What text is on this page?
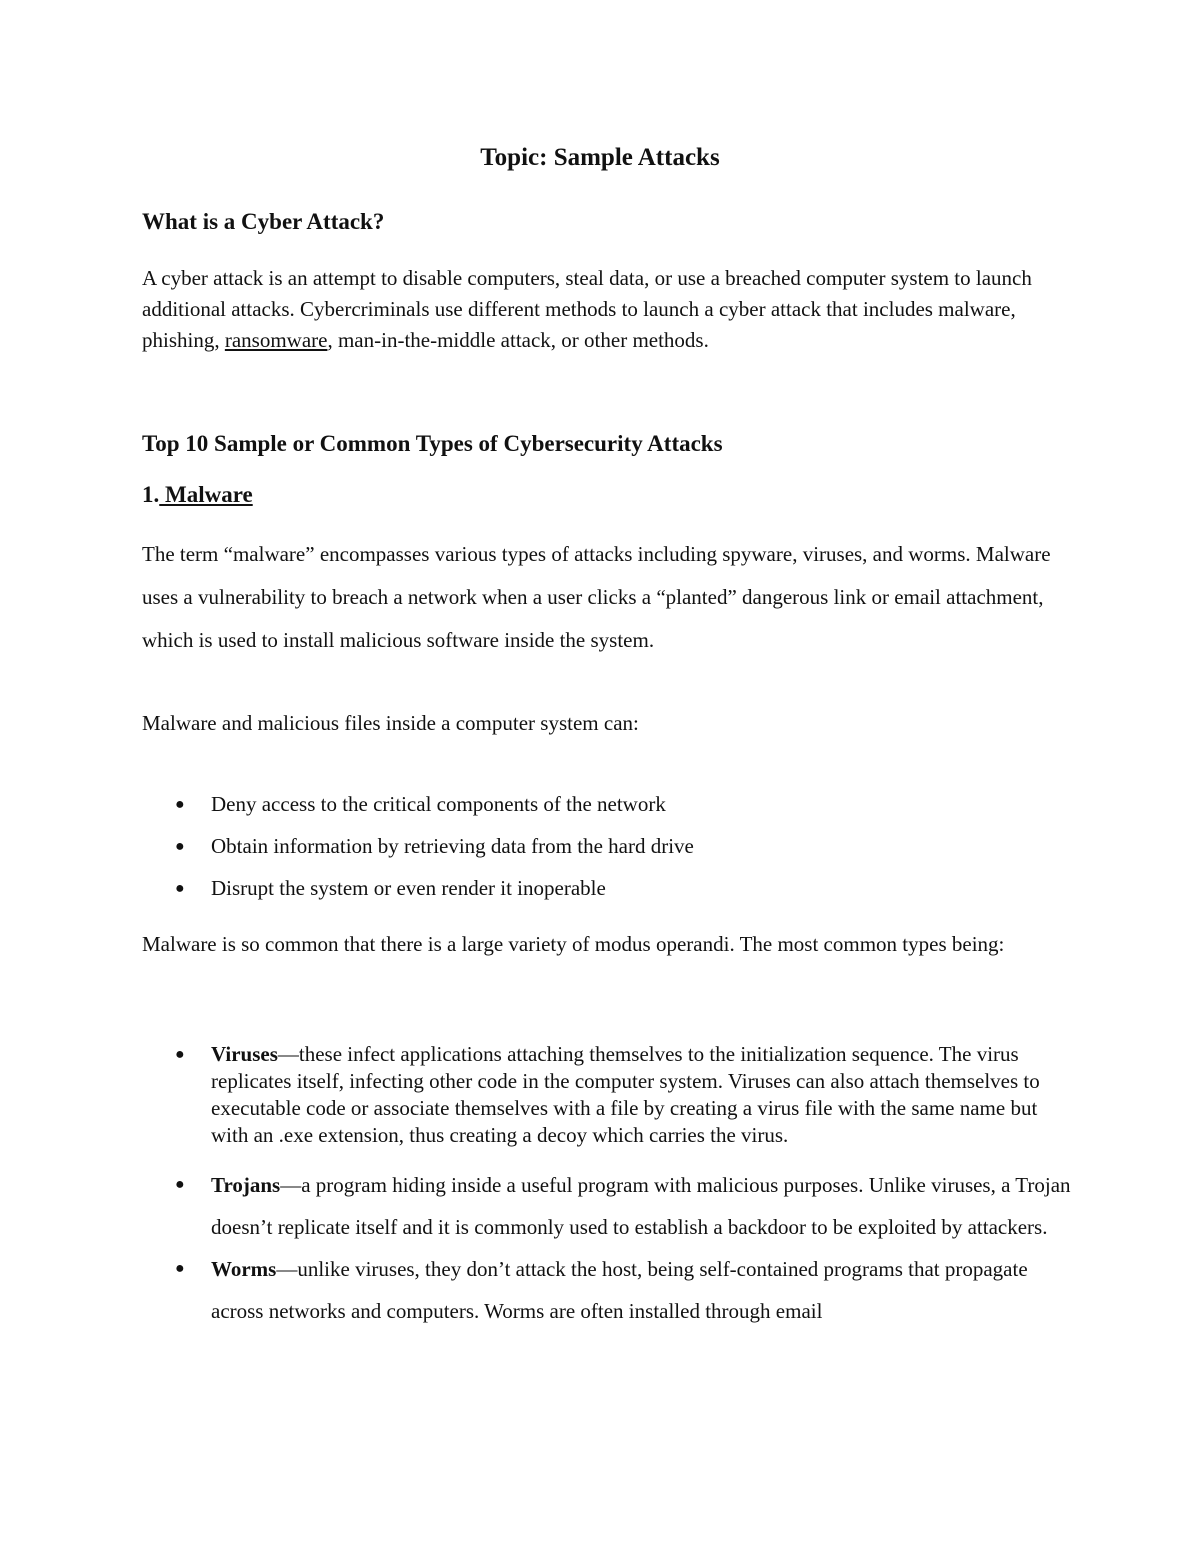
Topic: Sample Attacks
What is a Cyber Attack?
A cyber attack is an attempt to disable computers, steal data, or use a breached computer system to launch additional attacks. Cybercriminals use different methods to launch a cyber attack that includes malware, phishing, ransomware, man-in-the-middle attack, or other methods.
Top 10 Sample or Common Types of Cybersecurity Attacks
1. Malware
The term “malware” encompasses various types of attacks including spyware, viruses, and worms. Malware uses a vulnerability to breach a network when a user clicks a “planted” dangerous link or email attachment, which is used to install malicious software inside the system.
Malware and malicious files inside a computer system can:
● Deny access to the critical components of the network
● Obtain information by retrieving data from the hard drive
● Disrupt the system or even render it inoperable
Malware is so common that there is a large variety of modus operandi. The most common types being:
● Viruses—these infect applications attaching themselves to the initialization sequence. The virus replicates itself, infecting other code in the computer system. Viruses can also attach themselves to executable code or associate themselves with a file by creating a virus file with the same name but with an .exe extension, thus creating a decoy which carries the virus.
● Trojans—a program hiding inside a useful program with malicious purposes. Unlike viruses, a Trojan doesn’t replicate itself and it is commonly used to establish a backdoor to be exploited by attackers.
● Worms—unlike viruses, they don’t attack the host, being self-contained programs that propagate across networks and computers. Worms are often installed through email
